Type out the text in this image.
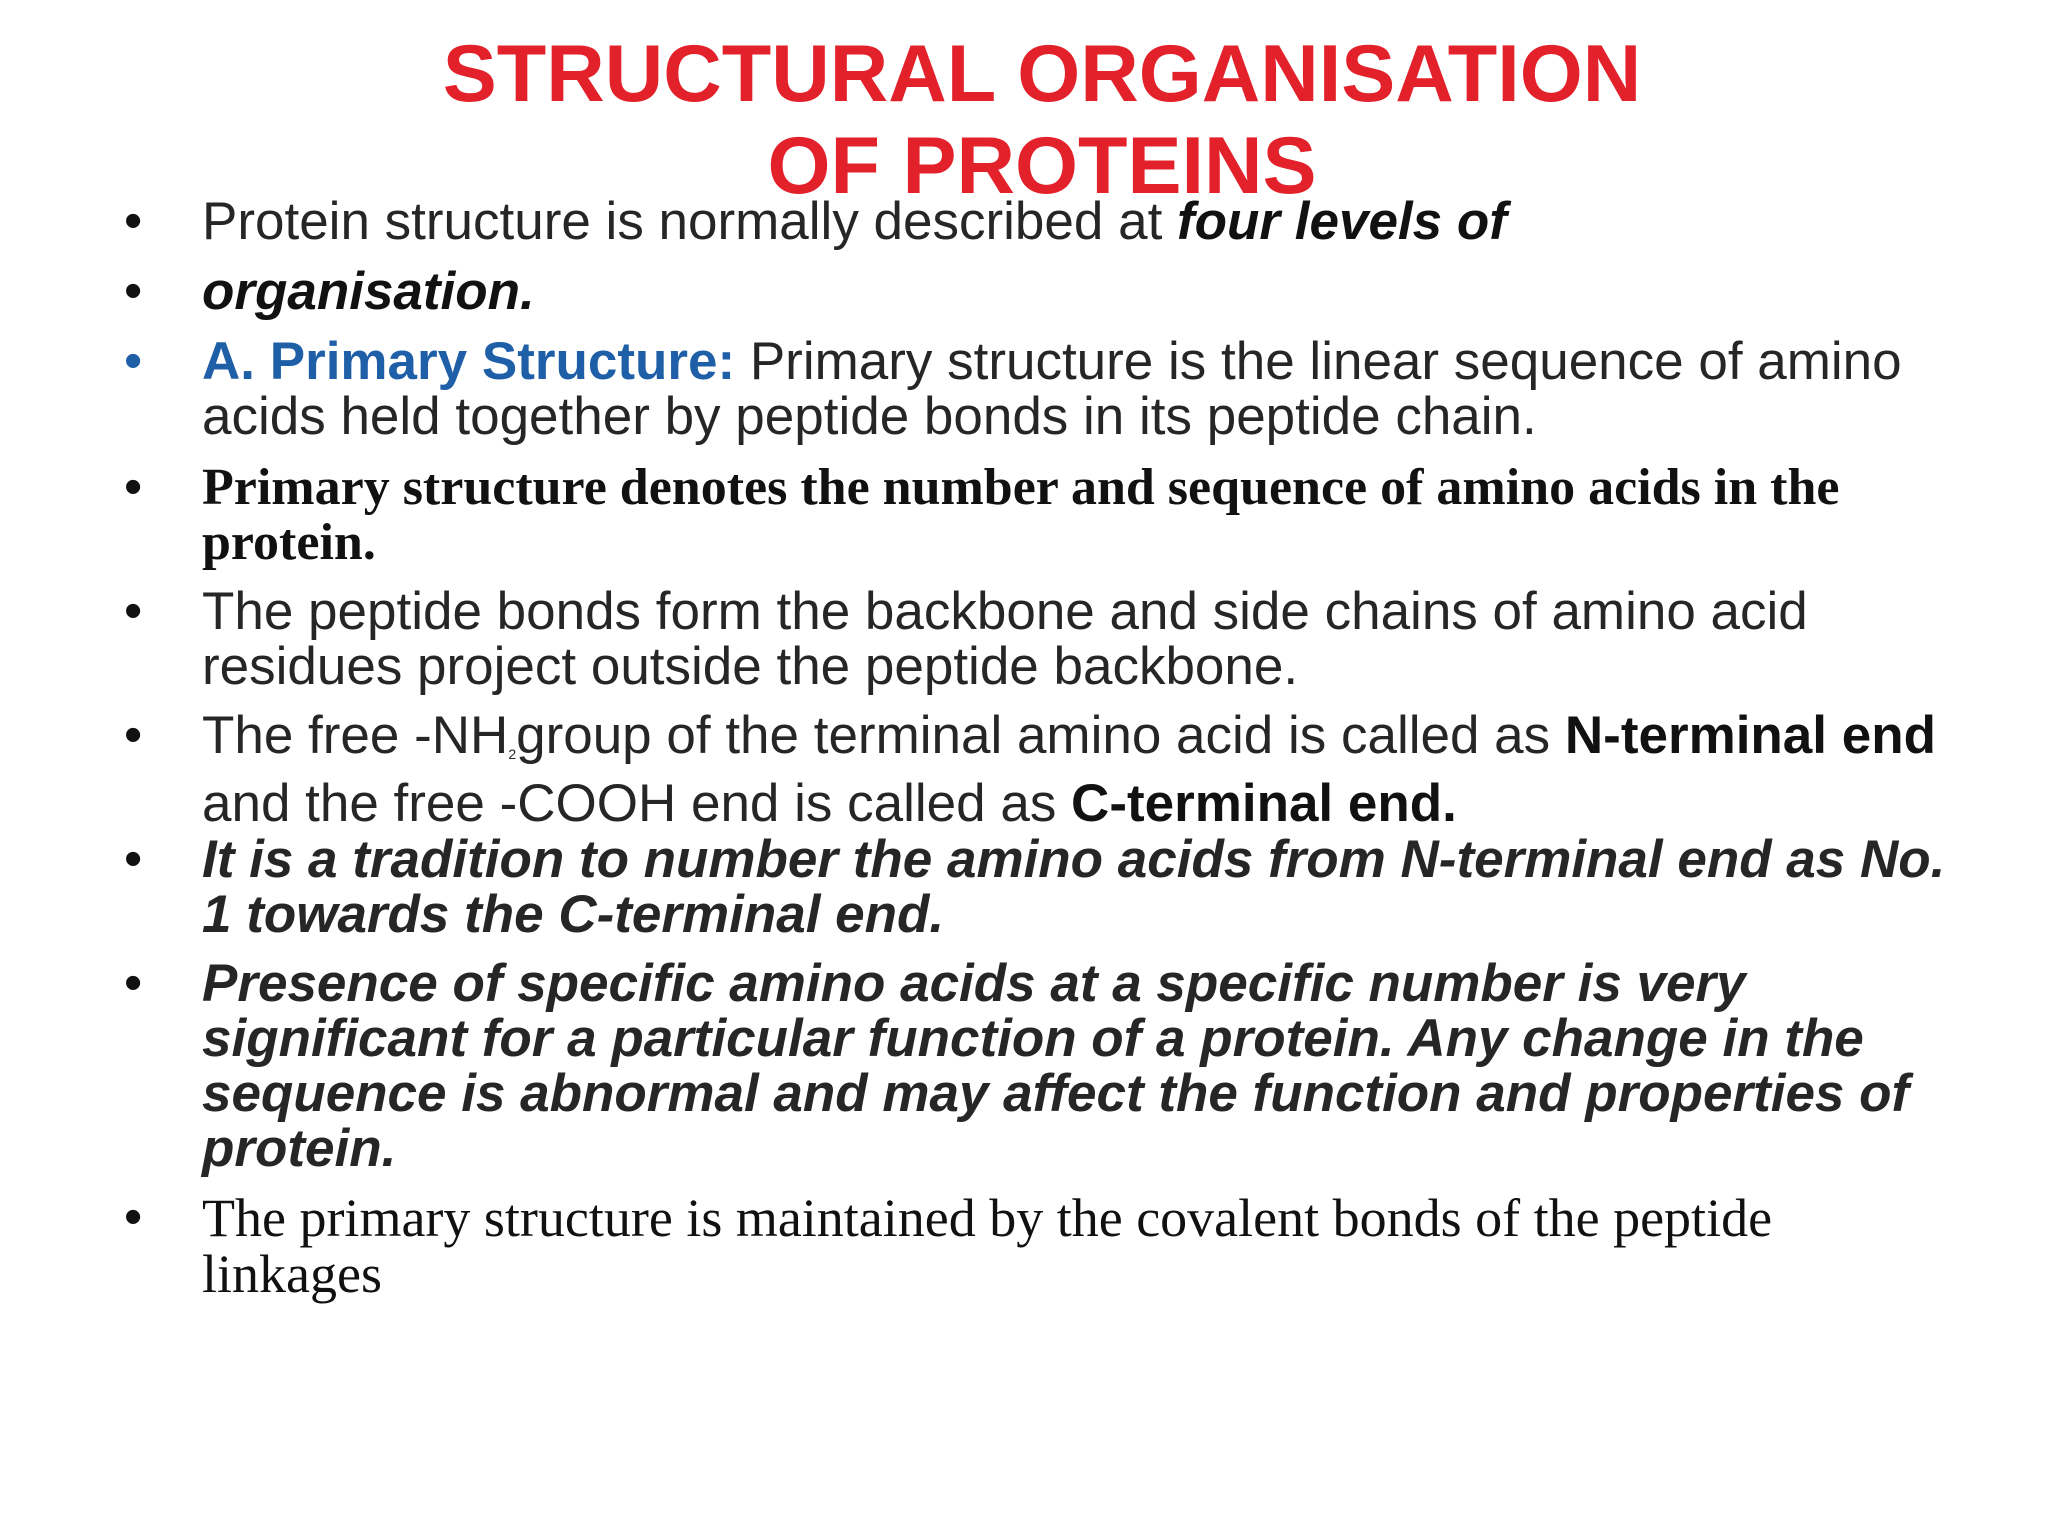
STRUCTURAL ORGANISATION
OF PROTEINS
•	Protein structure is normally described at four levels of
•	organisation.
•	A. Primary Structure: Primary structure is the linear sequence of amino acids held together by peptide bonds in its peptide chain.
•	Primary structure denotes the number and sequence of amino acids in the protein.
•	The peptide bonds form the backbone and side chains of amino acid residues project outside the peptide backbone.
•	The free -NH2group of the terminal amino acid is called as N-terminal end and the free -COOH end is called as C-terminal end.
•	It is a tradition to number the amino acids from N-terminal end as No. 1 towards the C-terminal end.
•	Presence of specific amino acids at a specific number is very significant for a particular function of a protein. Any change in the sequence is abnormal and may affect the function and properties of protein.
•	The primary structure is maintained by the covalent bonds of the peptide linkages
